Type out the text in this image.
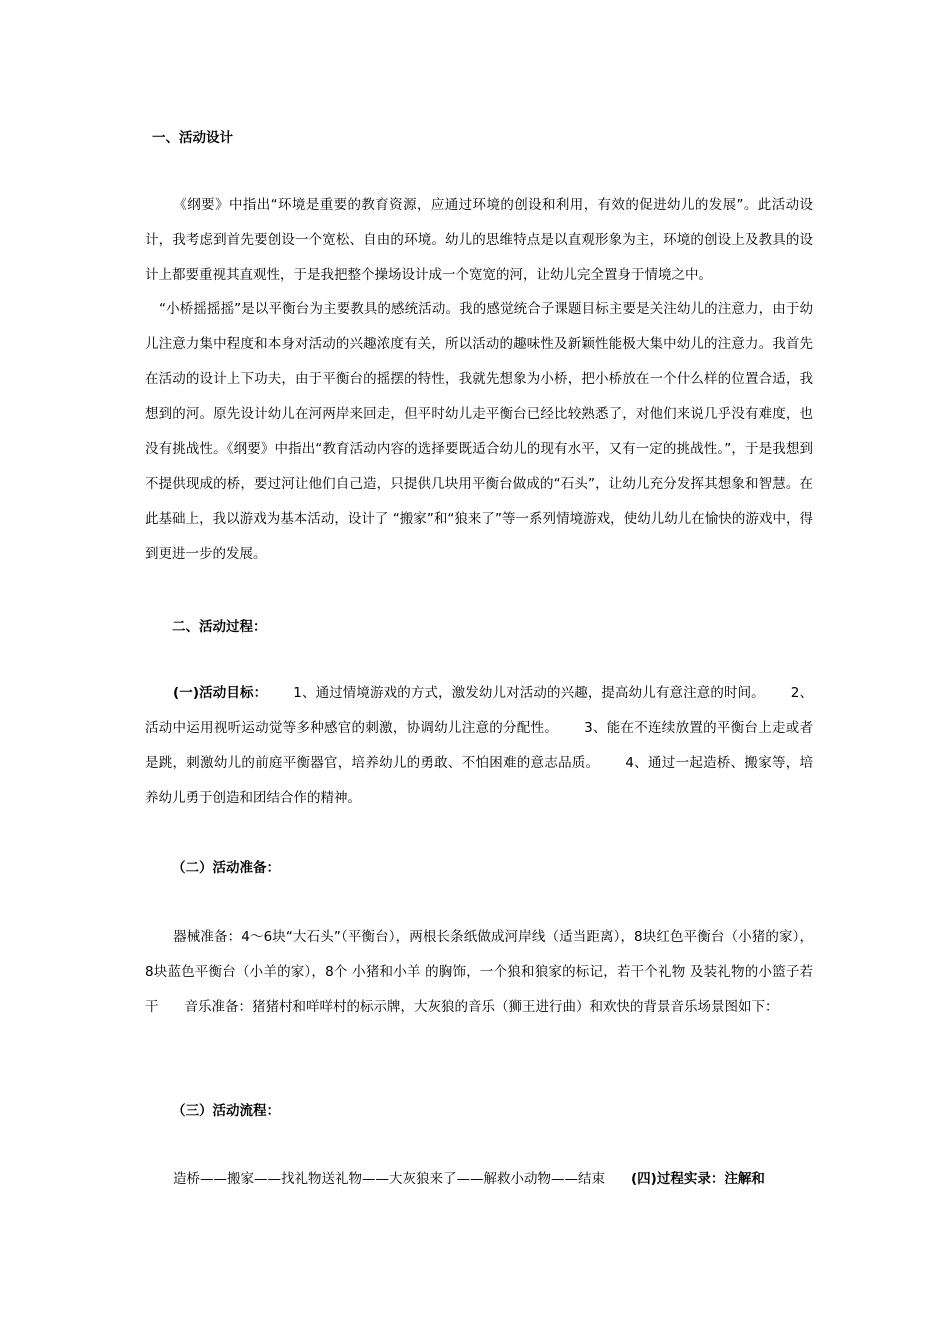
一、活动设计
《纲要》中指出“环境是重要的教育资源，应通过环境的创设和利用，有效的促进幼儿的发展”。此活动设计，我考虑到首先要创设一个宽松、自由的环境。幼儿的思维特点是以直观形象为主，环境的创设上及教具的设计上都要重视其直观性，于是我把整个操场设计成一个宽宽的河，让幼儿完全置身于情境之中。
“小桥摇摇摇”是以平衡台为主要教具的感统活动。我的感觉统合子课题目标主要是关注幼儿的注意力，由于幼儿注意力集中程度和本身对活动的兴趣浓度有关，所以活动的趣味性及新颖性能极大集中幼儿的注意力。我首先在活动的设计上下功夫，由于平衡台的摇摆的特性，我就先想象为小桥，把小桥放在一个什么样的位置合适，我想到的河。原先设计幼儿在河两岸来回走，但平时幼儿走平衡台已经比较熟悉了，对他们来说几乎没有难度，也没有挑战性。《纲要》中指出“教育活动内容的选择要既适合幼儿的现有水平，又有一定的挑战性。”，于是我想到不提供现成的桥，要过河让他们自己造，只提供几块用平衡台做成的“石头”，让幼儿充分发挥其想象和智慧。在此基础上，我以游戏为基本活动，设计了 “搬家”和“狼来了”等一系列情境游戏，使幼儿幼儿在愉快的游戏中，得到更进一步的发展。
二、活动过程：
(一)活动目标： 1、通过情境游戏的方式，激发幼儿对活动的兴趣，提高幼儿有意注意的时间。 2、活动中运用视听运动觉等多种感官的刺激，协调幼儿注意的分配性。 3、能在不连续放置的平衡台上走或者是跳，刺激幼儿的前庭平衡器官，培养幼儿的勇敢、不怕困难的意志品质。 4、通过一起造桥、搬家等，培养幼儿勇于创造和团结合作的精神。
（二）活动准备：
器械准备：4～6块“大石头”（平衡台），两根长条纸做成河岸线（适当距离），8块红色平衡台（小猪的家），8块蓝色平衡台（小羊的家），8个 小猪和小羊 的胸饰，一个狼和狼家的标记，若干个礼物 及装礼物的小篮子若干 音乐准备：猪猪村和咩咩村的标示牌，大灰狼的音乐（狮王进行曲）和欢快的背景音乐场景图如下：
（三）活动流程：
造桥——搬家——找礼物送礼物——大灰狼来了——解救小动物——结束 (四)过程实录：注解和
